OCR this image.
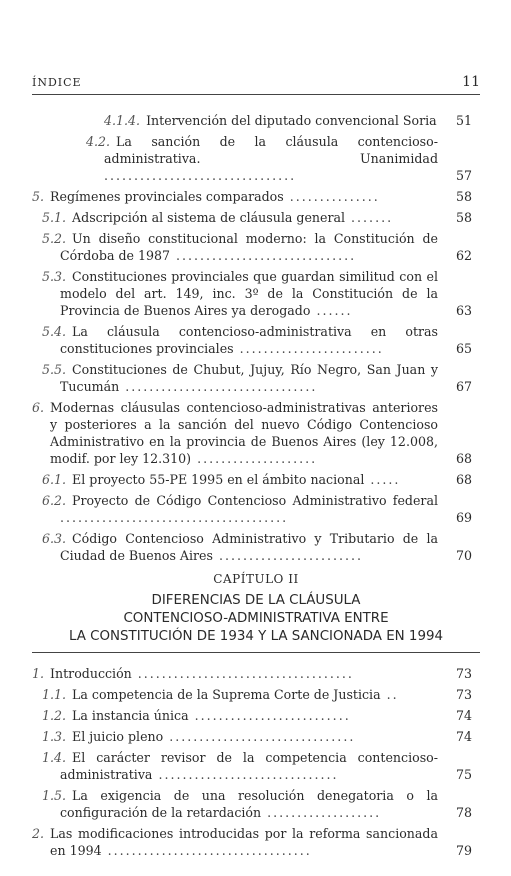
ÍNDICE	11
4.1.4. Intervención del diputado convencional Soria	51
4.2. La sanción de la cláusula contencioso-administrativa. Unanimidad ................................	57
5. Regímenes provinciales comparados ...............	58
5.1. Adscripción al sistema de cláusula general .......	58
5.2. Un diseño constitucional moderno: la Constitución de Córdoba de 1987 ..............................	62
5.3. Constituciones provinciales que guardan similitud con el modelo del art. 149, inc. 3º de la Constitución de la Provincia de Buenos Aires ya derogado ......	63
5.4. La cláusula contencioso-administrativa en otras constituciones provinciales ........................	65
5.5. Constituciones de Chubut, Jujuy, Río Negro, San Juan y Tucumán ................................	67
6. Modernas cláusulas contencioso-administrativas anteriores y posteriores a la sanción del nuevo Código Contencioso Administrativo en la provincia de Buenos Aires (ley 12.008, modif. por ley 12.310) ....................	68
6.1. El proyecto 55-PE 1995 en el ámbito nacional .....	68
6.2. Proyecto de Código Contencioso Administrativo federal ......................................	69
6.3. Código Contencioso Administrativo y Tributario de la Ciudad de Buenos Aires ........................	70
CAPÍTULO II
DIFERENCIAS DE LA CLÁUSULA
CONTENCIOSO-ADMINISTRATIVA ENTRE
LA CONSTITUCIÓN DE 1934 Y LA SANCIONADA EN 1994
1. Introducción ....................................	73
1.1. La competencia de la Suprema Corte de Justicia ..	73
1.2. La instancia única ..........................	74
1.3. El juicio pleno ...............................	74
1.4. El carácter revisor de la competencia contencioso-administrativa ..............................	75
1.5. La exigencia de una resolución denegatoria o la configuración de la retardación ...................	78
2. Las modificaciones introducidas por la reforma sancionada en 1994 ..................................	79
